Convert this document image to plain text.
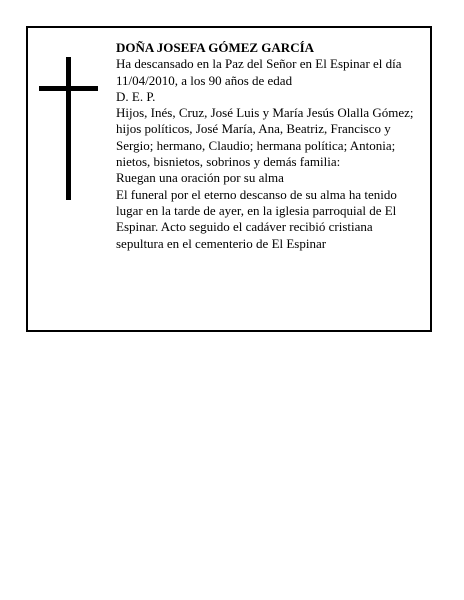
DOÑA JOSEFA GÓMEZ GARCÍA

Ha descansado en la Paz del Señor en El Espinar el día 11/04/2010, a los 90 años de edad

D. E. P.

Hijos, Inés, Cruz, José Luis y María Jesús Olalla Gómez; hijos políticos, José María, Ana, Beatriz, Francisco y Sergio; hermano, Claudio; hermana política; Antonia; nietos, bisnietos, sobrinos y demás familia:

Ruegan una oración por su alma

El funeral por el eterno descanso de su alma ha tenido lugar en la tarde de ayer, en la iglesia parroquial de El Espinar. Acto seguido el cadáver recibió cristiana sepultura en el cementerio de El Espinar
